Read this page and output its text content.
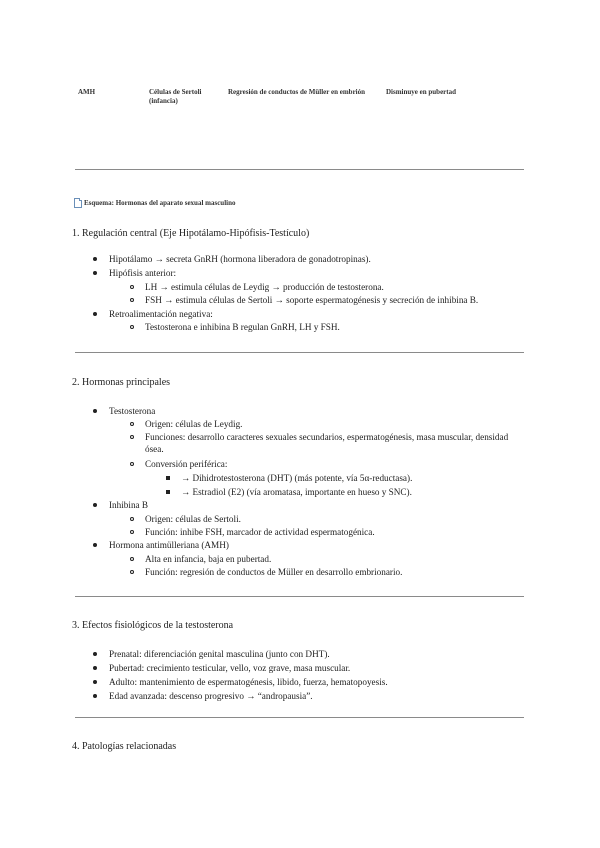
AMH	Células de Sertoli (infancia)
Regresión de conductos de Müller en embrión	Disminuye en pubertad
Esquema: Hormonas del aparato sexual masculino
1. Regulación central (Eje Hipotálamo-Hipófisis-Testículo)
Hipotálamo → secreta GnRH (hormona liberadora de gonadotropinas).
Hipófisis anterior:
LH → estimula células de Leydig → producción de testosterona.
FSH → estimula células de Sertoli → soporte espermatogénesis y secreción de inhibina B.
Retroalimentación negativa:
Testosterona e inhibina B regulan GnRH, LH y FSH.
2. Hormonas principales
Testosterona
Origen: células de Leydig.
Funciones: desarrollo caracteres sexuales secundarios, espermatogénesis, masa muscular, densidad ósea.
Conversión periférica:
→ Dihidrotestosterona (DHT) (más potente, vía 5α-reductasa).
→ Estradiol (E2) (vía aromatasa, importante en hueso y SNC).
Inhibina B
Origen: células de Sertoli.
Función: inhibe FSH, marcador de actividad espermatogénica.
Hormona antimülleriana (AMH)
Alta en infancia, baja en pubertad.
Función: regresión de conductos de Müller en desarrollo embrionario.
3. Efectos fisiológicos de la testosterona
Prenatal: diferenciación genital masculina (junto con DHT).
Pubertad: crecimiento testicular, vello, voz grave, masa muscular.
Adulto: mantenimiento de espermatogénesis, libido, fuerza, hematopoyesis.
Edad avanzada: descenso progresivo → “andropausia”.
4. Patologías relacionadas
